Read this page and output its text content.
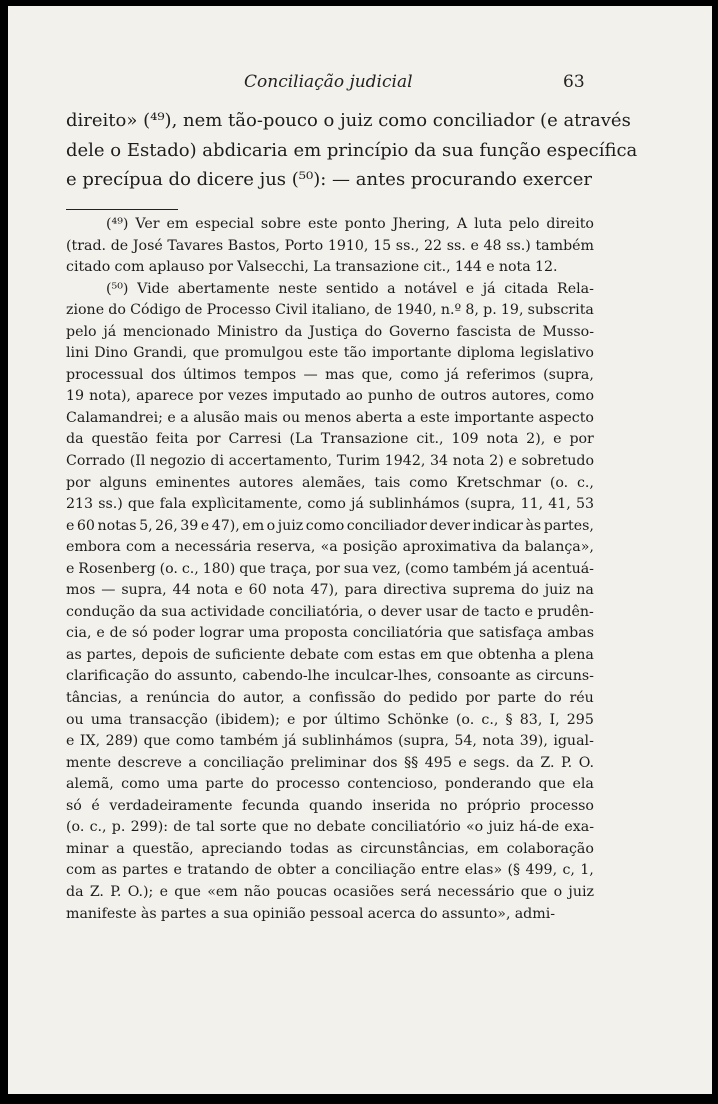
Conciliação judicial	63
direito» (⁴⁹), nem tão-pouco o juiz como conciliador (e através
dele o Estado) abdicaria em princípio da sua função específica
e precípua do dicere jus (⁵⁰): — antes procurando exercer
(⁴⁹) Ver em especial sobre este ponto Jhering, A luta pelo direito
(trad. de José Tavares Bastos, Porto 1910, 15 ss., 22 ss. e 48 ss.) também
citado com aplauso por Valsecchi, La transazione cit., 144 e nota 12.
(⁵⁰) Vide abertamente neste sentido a notável e já citada Rela-
zione do Código de Processo Civil italiano, de 1940, n.º 8, p. 19, subscrita
pelo já mencionado Ministro da Justiça do Governo fascista de Musso-
lini Dino Grandi, que promulgou este tão importante diploma legislativo
processual dos últimos tempos — mas que, como já referimos (supra,
19 nota), aparece por vezes imputado ao punho de outros autores, como
Calamandrei; e a alusão mais ou menos aberta a este importante aspecto
da questão feita por Carresi (La Transazione cit., 109 nota 2), e por
Corrado (Il negozio di accertamento, Turim 1942, 34 nota 2) e sobretudo
por alguns eminentes autores alemães, tais como Kretschmar (o. c.,
213 ss.) que fala explìcitamente, como já sublinhámos (supra, 11, 41, 53
e 60 notas 5, 26, 39 e 47), em o juiz como conciliador dever indicar às partes,
embora com a necessária reserva, «a posição aproximativa da balança»,
e Rosenberg (o. c., 180) que traça, por sua vez, (como também já acentuá-
mos — supra, 44 nota e 60 nota 47), para directiva suprema do juiz na
condução da sua actividade conciliatória, o dever usar de tacto e prudên-
cia, e de só poder lograr uma proposta conciliatória que satisfaça ambas
as partes, depois de suficiente debate com estas em que obtenha a plena
clarificação do assunto, cabendo-lhe inculcar-lhes, consoante as circuns-
tâncias, a renúncia do autor, a confissão do pedido por parte do réu
ou uma transacção (ibidem); e por último Schönke (o. c., § 83, I, 295
e IX, 289) que como também já sublinhámos (supra, 54, nota 39), igual-
mente descreve a conciliação preliminar dos §§ 495 e segs. da Z. P. O.
alemã, como uma parte do processo contencioso, ponderando que ela
só é verdadeiramente fecunda quando inserida no próprio processo
(o. c., p. 299): de tal sorte que no debate conciliatório «o juiz há-de exa-
minar a questão, apreciando todas as circunstâncias, em colaboração
com as partes e tratando de obter a conciliação entre elas» (§ 499, c, 1,
da Z. P. O.); e que «em não poucas ocasiões será necessário que o juiz
manifeste às partes a sua opinião pessoal acerca do assunto», admi-
